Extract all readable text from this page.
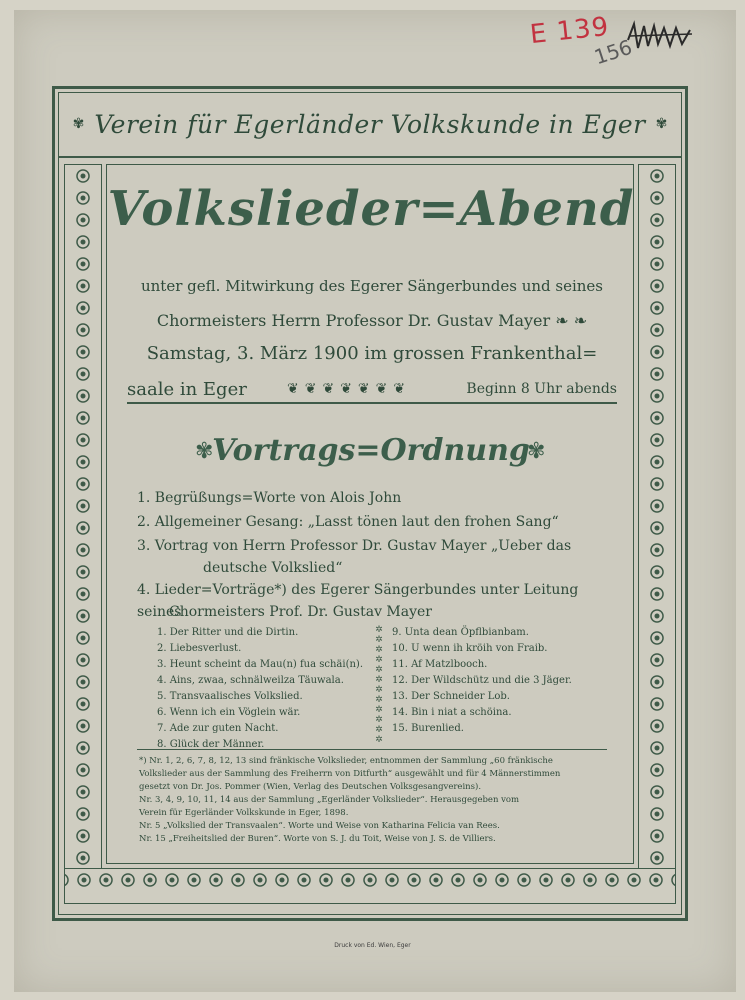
E 139
156
✾ Verein für Egerländer Volkskunde in Eger ✾
Volkslieder=Abend
unter gefl. Mitwirkung des Egerer Sängerbundes und seines
Chormeisters Herrn Professor Dr. Gustav Mayer ❧ ❧
Samstag, 3. März 1900 im grossen Frankenthal=
saale in Eger	❦❦❦❦❦❦❦	Beginn 8 Uhr abends
✾
Vortrags=Ordnung
✾
1. Begrüßungs=Worte von Alois John
2. Allgemeiner Gesang: „Lasst tönen laut den frohen Sang“
3. Vortrag von Herrn Professor Dr. Gustav Mayer „Ueber das
deutsche Volkslied“
4. Lieder=Vorträge*) des Egerer Sängerbundes unter Leitung seines
Chormeisters Prof. Dr. Gustav Mayer
1. Der Ritter und die Dirtin.
2. Liebesverlust.
3. Heunt scheint da Mau(n) fua schäi(n).
4. Ains, zwaa, schnälweilza Täuwala.
5. Transvaalisches Volkslied.
6. Wenn ich ein Vöglein wär.
7. Ade zur guten Nacht.
8. Glück der Männer.
✲
✲
✲
✲
✲
✲
✲
✲
✲
✲
✲
✲
9. Unta dean Öpflbianbam.
10. U wenn ih kröih von Fraib.
11. Af Matzlbooch.
12. Der Wildschütz und die 3 Jäger.
13. Der Schneider Lob.
14. Bin i niat a schöina.
15. Burenlied.
*) Nr. 1, 2, 6, 7, 8, 12, 13 sind fränkische Volkslieder, entnommen der Sammlung „60 fränkische
Volkslieder aus der Sammlung des Freiherrn von Ditfurth“ ausgewählt und für 4 Männerstimmen
gesetzt von Dr. Jos. Pommer (Wien, Verlag des Deutschen Volksgesangvereins).
Nr. 3, 4, 9, 10, 11, 14 aus der Sammlung „Egerländer Volkslieder“. Herausgegeben vom
Verein für Egerländer Volkskunde in Eger, 1898.
Nr. 5 „Volkslied der Transvaalen“. Worte und Weise von Katharina Felicia van Rees.
Nr. 15 „Freiheitslied der Buren“. Worte von S. J. du Toit, Weise von J. S. de Villiers.
Druck von Ed. Wien, Eger
